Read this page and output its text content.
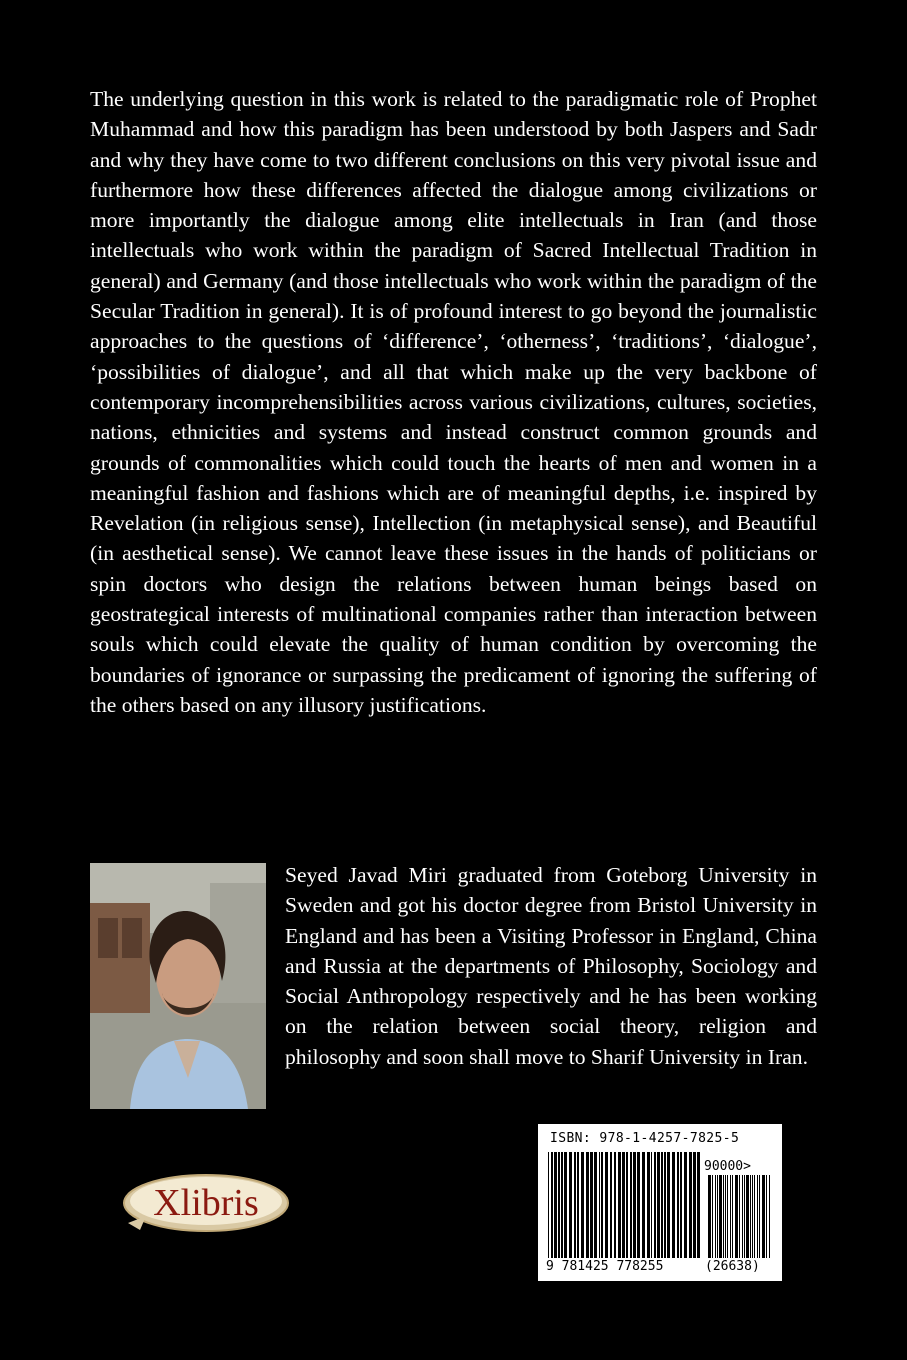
The underlying question in this work is related to the paradigmatic role of Prophet Muhammad and how this paradigm has been understood by both Jaspers and Sadr and why they have come to two different conclusions on this very pivotal issue and furthermore how these differences affected the dialogue among civilizations or more importantly the dialogue among elite intellectuals in Iran (and those intellectuals who work within the paradigm of Sacred Intellectual Tradition in general) and Germany (and those intellectuals who work within the paradigm of the Secular Tradition in general). It is of profound interest to go beyond the journalistic approaches to the questions of ‘difference’, ‘otherness’, ‘traditions’, ‘dialogue’, ‘possibilities of dialogue’, and all that which make up the very backbone of contemporary incomprehensibilities across various civilizations, cultures, societies, nations, ethnicities and systems and instead construct common grounds and grounds of commonalities which could touch the hearts of men and women in a meaningful fashion and fashions which are of meaningful depths, i.e. inspired by Revelation (in religious sense), Intellection (in metaphysical sense), and Beautiful (in aesthetical sense). We cannot leave these issues in the hands of politicians or spin doctors who design the relations between human beings based on geostrategical interests of multinational companies rather than interaction between souls which could elevate the quality of human condition by overcoming the boundaries of ignorance or surpassing the predicament of ignoring the suffering of the others based on any illusory justifications.

Seyed Javad Miri graduated from Goteborg University in Sweden and got his doctor degree from Bristol University in England and has been a Visiting Professor in England, China and Russia at the departments of Philosophy, Sociology and Social Anthropology respectively and he has been working on the relation between social theory, religion and philosophy and soon shall move to Sharif University in Iran.

Xlibris
ISBN: 978-1-4257-7825-5
90000>
9 781425 778255	(26638)
